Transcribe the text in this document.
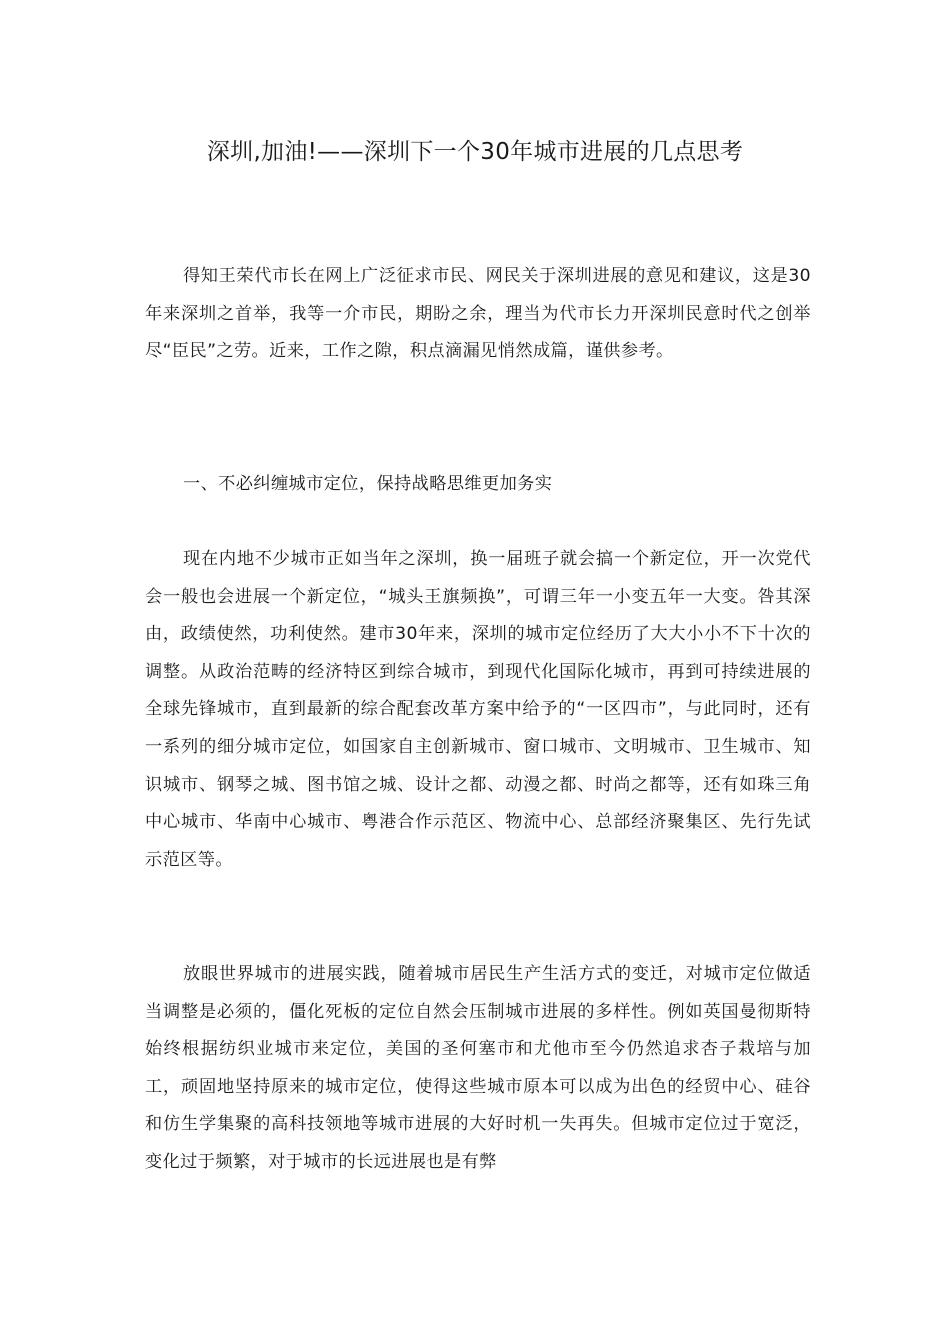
深圳,加油!——深圳下一个30年城市进展的几点思考

得知王荣代市长在网上广泛征求市民、网民关于深圳进展的意见和建议，这是30年来深圳之首举，我等一介市民，期盼之余，理当为代市长力开深圳民意时代之创举尽“臣民”之劳。近来，工作之隙，积点滴漏见悄然成篇，谨供参考。

一、不必纠缠城市定位，保持战略思维更加务实

现在内地不少城市正如当年之深圳，换一届班子就会搞一个新定位，开一次党代会一般也会进展一个新定位，“城头王旗频换”，可谓三年一小变五年一大变。咎其深由，政绩使然，功利使然。建市30年来，深圳的城市定位经历了大大小小不下十次的调整。从政治范畴的经济特区到综合城市，到现代化国际化城市，再到可持续进展的全球先锋城市，直到最新的综合配套改革方案中给予的“一区四市”，与此同时，还有一系列的细分城市定位，如国家自主创新城市、窗口城市、文明城市、卫生城市、知识城市、钢琴之城、图书馆之城、设计之都、动漫之都、时尚之都等，还有如珠三角中心城市、华南中心城市、粤港合作示范区、物流中心、总部经济聚集区、先行先试示范区等。

放眼世界城市的进展实践，随着城市居民生产生活方式的变迁，对城市定位做适当调整是必须的，僵化死板的定位自然会压制城市进展的多样性。例如英国曼彻斯特始终根据纺织业城市来定位，美国的圣何塞市和尤他市至今仍然追求杏子栽培与加工，顽固地坚持原来的城市定位，使得这些城市原本可以成为出色的经贸中心、硅谷和仿生学集聚的高科技领地等城市进展的大好时机一失再失。但城市定位过于宽泛，变化过于频繁，对于城市的长远进展也是有弊
